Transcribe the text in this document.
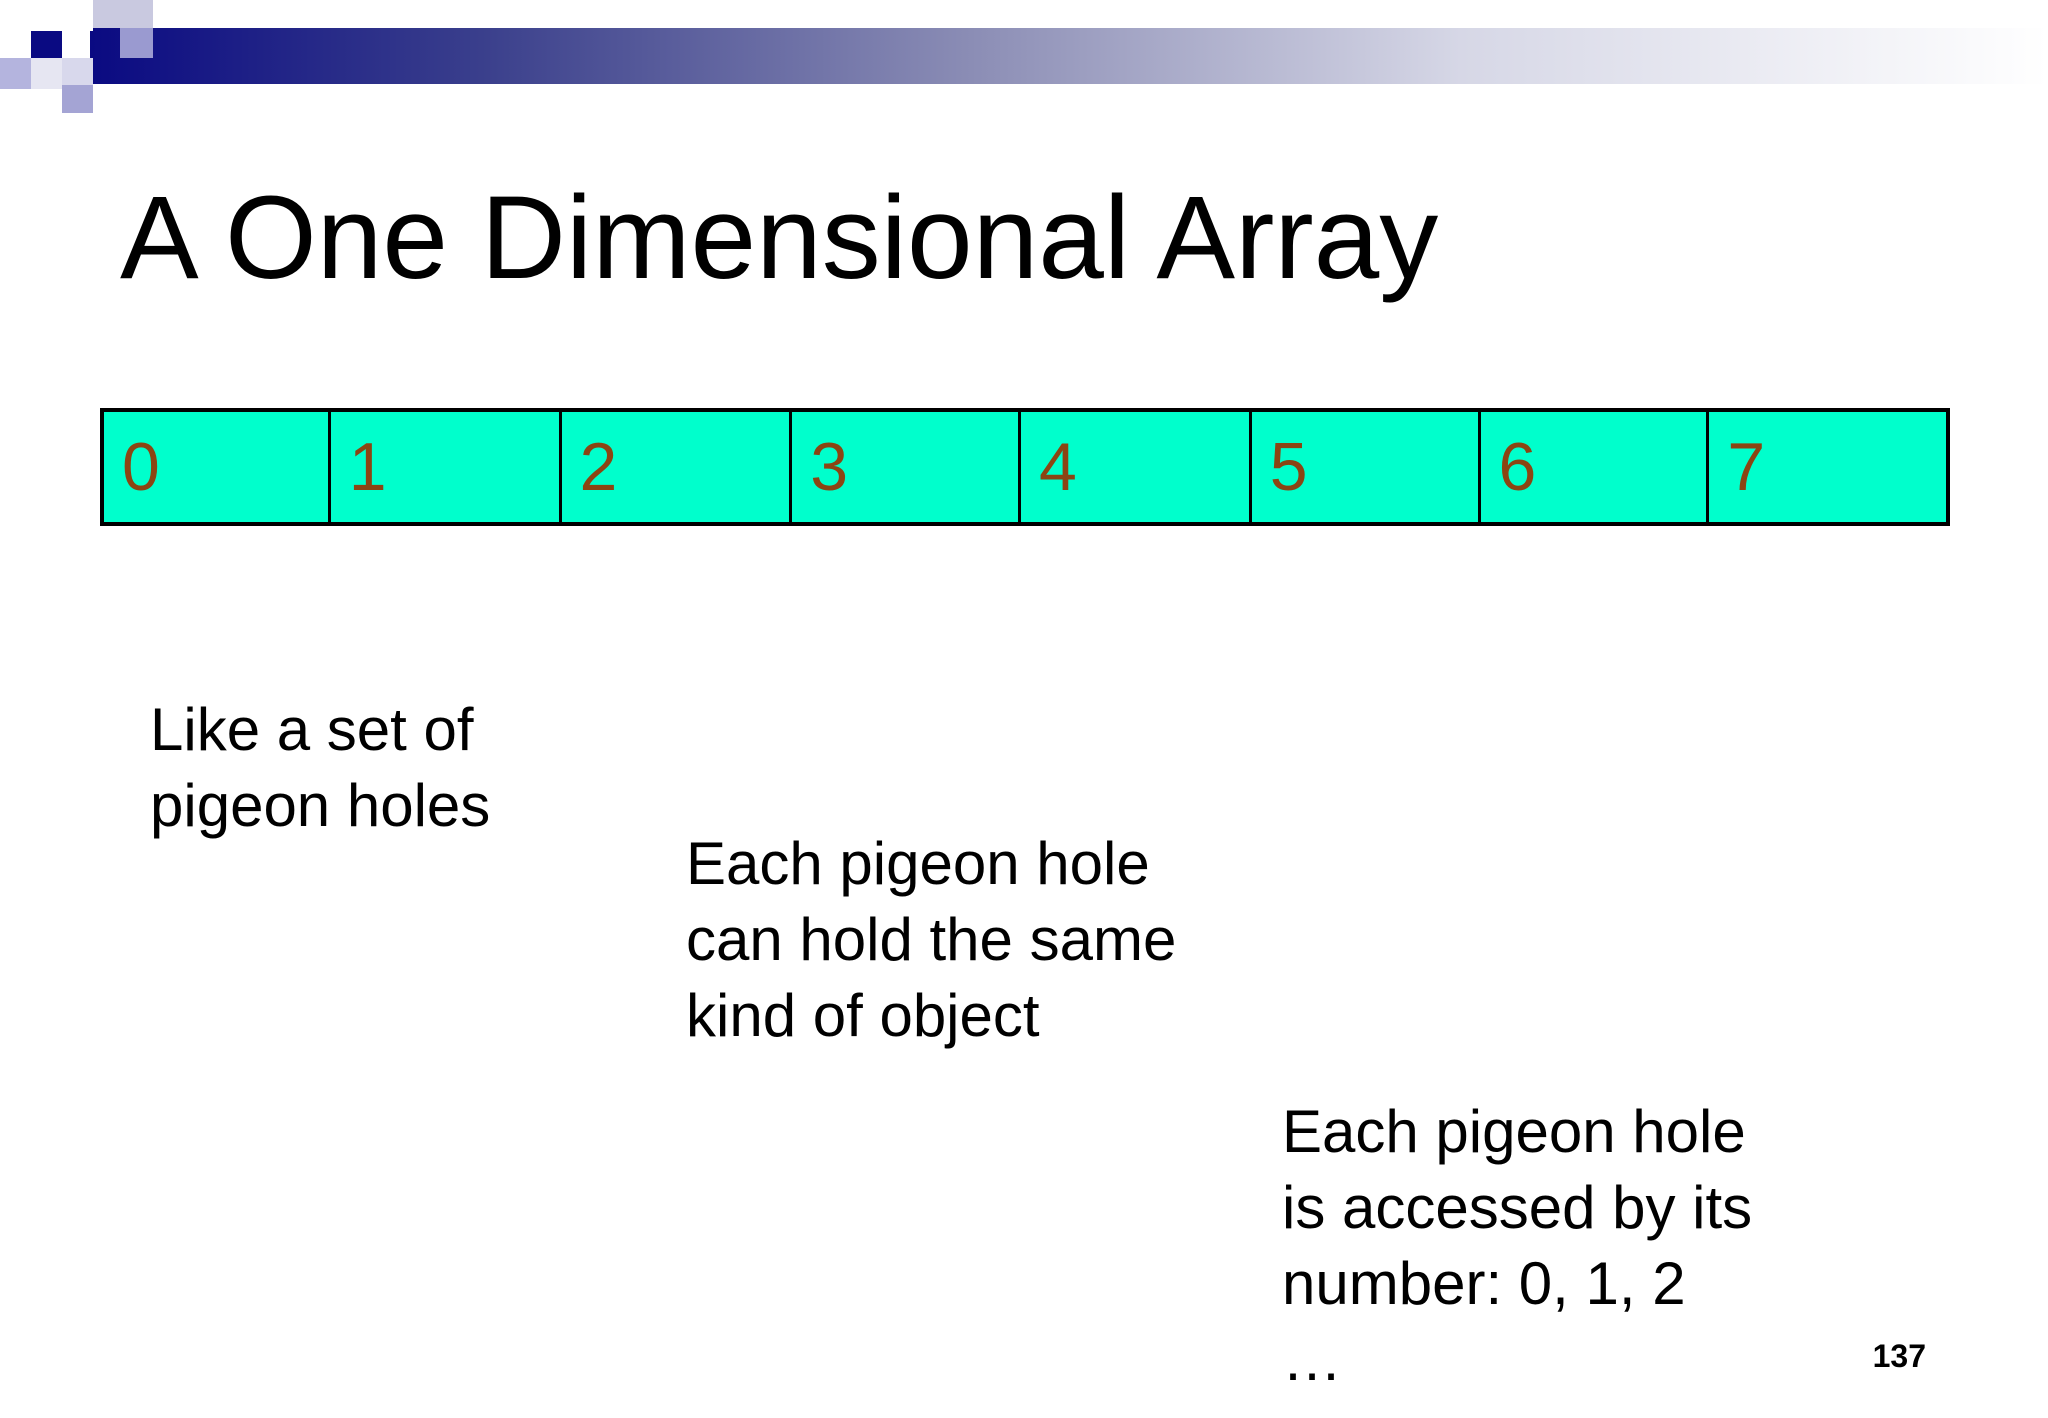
A One Dimensional Array
0	1	2	3	4	5	6	7
Like a set of
pigeon holes
Each pigeon hole
can hold the same
kind of object
Each pigeon hole
is accessed by its
number: 0, 1, 2
…	137
